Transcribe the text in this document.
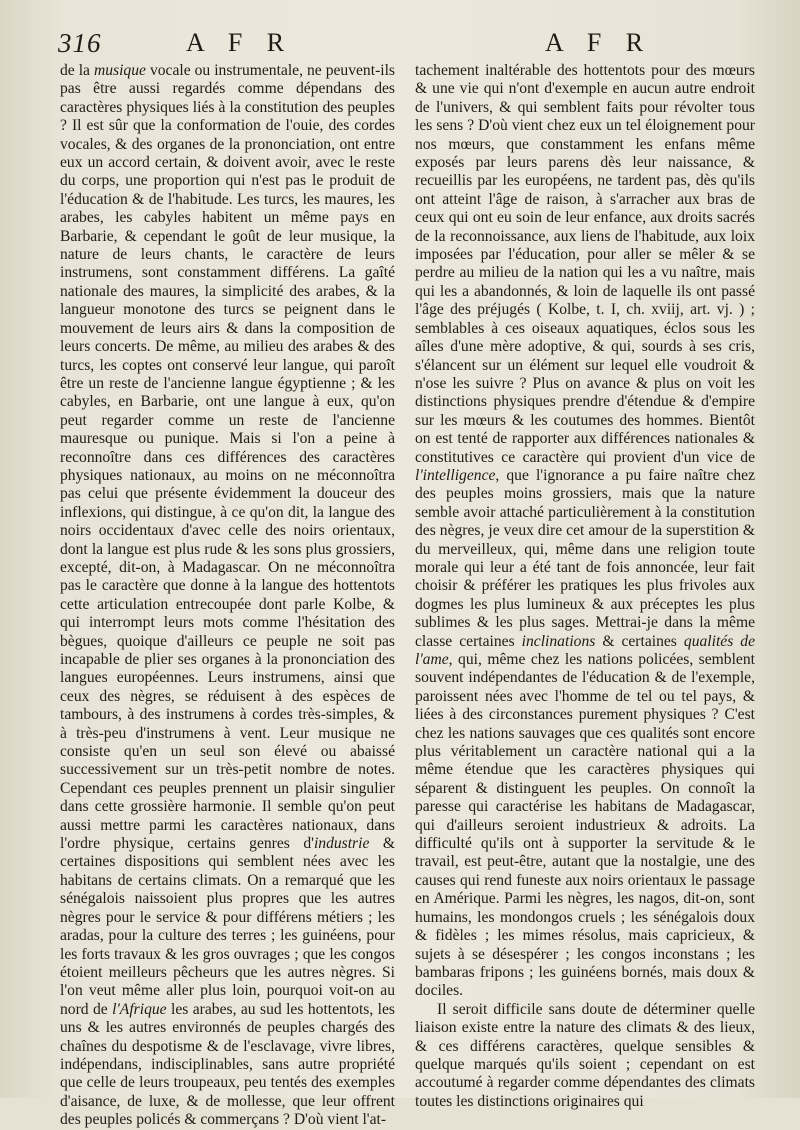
316	A F R	A F R

de la musique vocale ou instrumentale, ne peuvent-ils pas être aussi regardés comme dépendans des caractères physiques liés à la constitution des peuples ? Il est sûr que la conformation de l'ouie, des cordes vocales, & des organes de la prononciation, ont entre eux un accord certain, & doivent avoir, avec le reste du corps, une proportion qui n'est pas le produit de l'éducation & de l'habitude. Les turcs, les maures, les arabes, les cabyles habitent un même pays en Barbarie, & cependant le goût de leur musique, la nature de leurs chants, le caractère de leurs instrumens, sont constamment différens. La gaîté nationale des maures, la simplicité des arabes, & la langueur monotone des turcs se peignent dans le mouvement de leurs airs & dans la composition de leurs concerts. De même, au milieu des arabes & des turcs, les coptes ont conservé leur langue, qui paroît être un reste de l'ancienne langue égyptienne ; & les cabyles, en Barbarie, ont une langue à eux, qu'on peut regarder comme un reste de l'ancienne mauresque ou punique. Mais si l'on a peine à reconnoître dans ces différences des caractères physiques nationaux, au moins on ne méconnoîtra pas celui que présente évidemment la douceur des inflexions, qui distingue, à ce qu'on dit, la langue des noirs occidentaux d'avec celle des noirs orientaux, dont la langue est plus rude & les sons plus grossiers, excepté, dit-on, à Madagascar. On ne méconnoîtra pas le caractère que donne à la langue des hottentots cette articulation entrecoupée dont parle Kolbe, & qui interrompt leurs mots comme l'hésitation des bègues, quoique d'ailleurs ce peuple ne soit pas incapable de plier ses organes à la prononciation des langues européennes. Leurs instrumens, ainsi que ceux des nègres, se réduisent à des espèces de tambours, à des instrumens à cordes très-simples, & à très-peu d'instrumens à vent. Leur musique ne consiste qu'en un seul son élevé ou abaissé successivement sur un très-petit nombre de notes. Cependant ces peuples prennent un plaisir singulier dans cette grossière harmonie. Il semble qu'on peut aussi mettre parmi les caractères nationaux, dans l'ordre physique, certains genres d'industrie & certaines dispositions qui semblent nées avec les habitans de certains climats. On a remarqué que les sénégalois naissoient plus propres que les autres nègres pour le service & pour différens métiers ; les aradas, pour la culture des terres ; les guinéens, pour les forts travaux & les gros ouvrages ; que les congos étoient meilleurs pêcheurs que les autres nègres. Si l'on veut même aller plus loin, pourquoi voit-on au nord de l'Afrique les arabes, au sud les hottentots, les uns & les autres environnés de peuples chargés des chaînes du despotisme & de l'esclavage, vivre libres, indépendans, indisciplinables, sans autre propriété que celle de leurs troupeaux, peu tentés des exemples d'aisance, de luxe, & de mollesse, que leur offrent des peuples policés & commerçans ? D'où vient l'at-

tachement inaltérable des hottentots pour des mœurs & une vie qui n'ont d'exemple en aucun autre endroit de l'univers, & qui semblent faits pour révolter tous les sens ? D'où vient chez eux un tel éloignement pour nos mœurs, que constamment les enfans même exposés par leurs parens dès leur naissance, & recueillis par les européens, ne tardent pas, dès qu'ils ont atteint l'âge de raison, à s'arracher aux bras de ceux qui ont eu soin de leur enfance, aux droits sacrés de la reconnoissance, aux liens de l'habitude, aux loix imposées par l'éducation, pour aller se mêler & se perdre au milieu de la nation qui les a vu naître, mais qui les a abandonnés, & loin de laquelle ils ont passé l'âge des préjugés ( Kolbe, t. I, ch. xviij, art. vj. ) ; semblables à ces oiseaux aquatiques, éclos sous les aîles d'une mère adoptive, & qui, sourds à ses cris, s'élancent sur un élément sur lequel elle voudroit & n'ose les suivre ? Plus on avance & plus on voit les distinctions physiques prendre d'étendue & d'empire sur les mœurs & les coutumes des hommes. Bientôt on est tenté de rapporter aux différences nationales & constitutives ce caractère qui provient d'un vice de l'intelligence, que l'ignorance a pu faire naître chez des peuples moins grossiers, mais que la nature semble avoir attaché particulièrement à la constitution des nègres, je veux dire cet amour de la superstition & du merveilleux, qui, même dans une religion toute morale qui leur a été tant de fois annoncée, leur fait choisir & préférer les pratiques les plus frivoles aux dogmes les plus lumineux & aux préceptes les plus sublimes & les plus sages. Mettrai-je dans la même classe certaines inclinations & certaines qualités de l'ame, qui, même chez les nations policées, semblent souvent indépendantes de l'éducation & de l'exemple, paroissent nées avec l'homme de tel ou tel pays, & liées à des circonstances purement physiques ? C'est chez les nations sauvages que ces qualités sont encore plus véritablement un caractère national qui a la même étendue que les caractères physiques qui séparent & distinguent les peuples. On connoît la paresse qui caractérise les habitans de Madagascar, qui d'ailleurs seroient industrieux & adroits. La difficulté qu'ils ont à supporter la servitude & le travail, est peut-être, autant que la nostalgie, une des causes qui rend funeste aux noirs orientaux le passage en Amérique. Parmi les nègres, les nagos, dit-on, sont humains, les mondongos cruels ; les sénégalois doux & fidèles ; les mimes résolus, mais capricieux, & sujets à se désespérer ; les congos inconstans ; les bambaras fripons ; les guinéens bornés, mais doux & dociles.

Il seroit difficile sans doute de déterminer quelle liaison existe entre la nature des climats & des lieux, & ces différens caractères, quelque sensibles & quelque marqués qu'ils soient ; cependant on est accoutumé à regarder comme dépendantes des climats toutes les distinctions originaires qui
